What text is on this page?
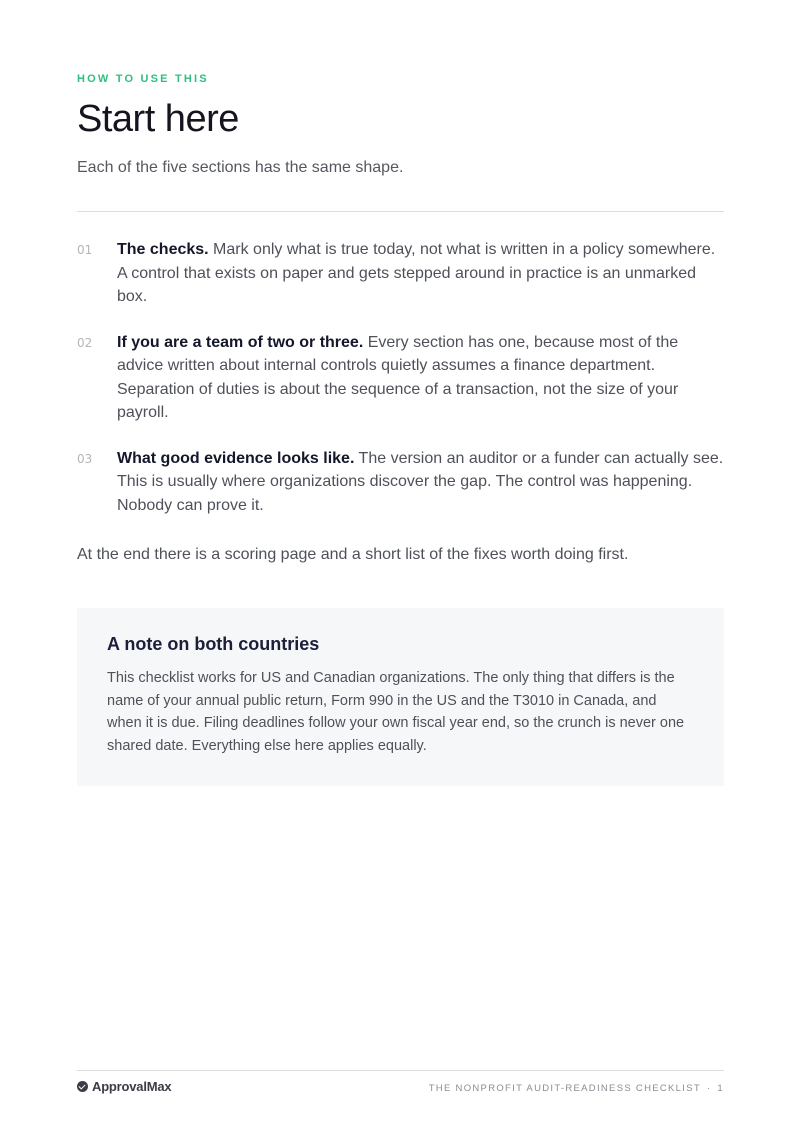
HOW TO USE THIS
Start here
Each of the five sections has the same shape.
01 The checks. Mark only what is true today, not what is written in a policy somewhere. A control that exists on paper and gets stepped around in practice is an unmarked box.
02 If you are a team of two or three. Every section has one, because most of the advice written about internal controls quietly assumes a finance department. Separation of duties is about the sequence of a transaction, not the size of your payroll.
03 What good evidence looks like. The version an auditor or a funder can actually see. This is usually where organizations discover the gap. The control was happening. Nobody can prove it.
At the end there is a scoring page and a short list of the fixes worth doing first.
A note on both countries
This checklist works for US and Canadian organizations. The only thing that differs is the name of your annual public return, Form 990 in the US and the T3010 in Canada, and when it is due. Filing deadlines follow your own fiscal year end, so the crunch is never one shared date. Everything else here applies equally.
ApprovalMax	THE NONPROFIT AUDIT-READINESS CHECKLIST · 1
